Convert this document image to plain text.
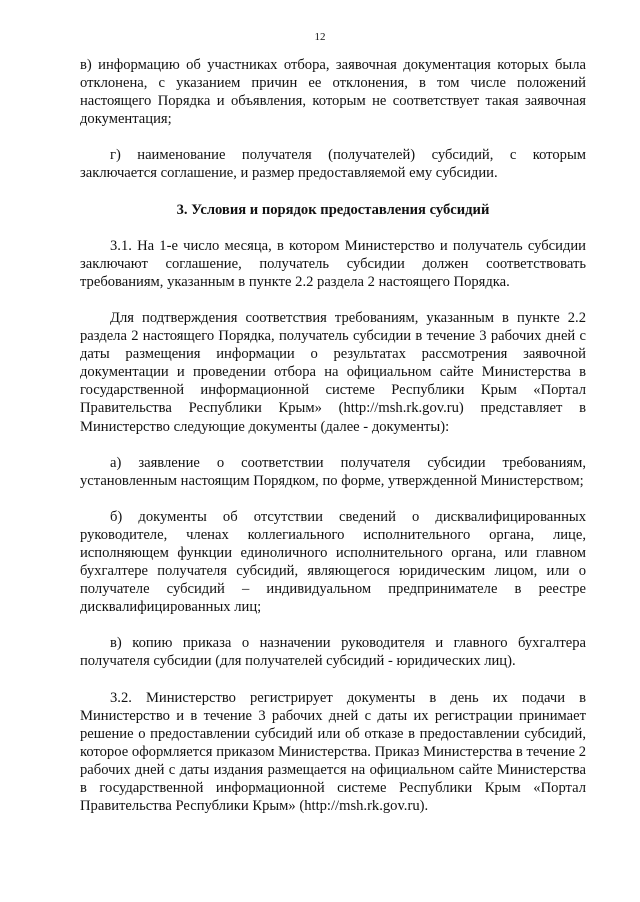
12

в) информацию об участниках отбора, заявочная документация которых была отклонена, с указанием причин ее отклонения, в том числе положений настоящего Порядка и объявления, которым не соответствует такая заявочная документация;

г) наименование получателя (получателей) субсидий, с которым заключается соглашение, и размер предоставляемой ему субсидии.

3. Условия и порядок предоставления субсидий

3.1. На 1-е число месяца, в котором Министерство и получатель субсидии заключают соглашение, получатель субсидии должен соответствовать требованиям, указанным в пункте 2.2 раздела 2 настоящего Порядка.

Для подтверждения соответствия требованиям, указанным в пункте 2.2 раздела 2 настоящего Порядка, получатель субсидии в течение 3 рабочих дней с даты размещения информации о результатах рассмотрения заявочной документации и проведении отбора на официальном сайте Министерства в государственной информационной системе Республики Крым «Портал Правительства Республики Крым» (http://msh.rk.gov.ru) представляет в Министерство следующие документы (далее - документы):

а) заявление о соответствии получателя субсидии требованиям, установленным настоящим Порядком, по форме, утвержденной Министерством;

б) документы об отсутствии сведений о дисквалифицированных руководителе, членах коллегиального исполнительного органа, лице, исполняющем функции единоличного исполнительного органа, или главном бухгалтере получателя субсидий, являющегося юридическим лицом, или о получателе субсидий – индивидуальном предпринимателе в реестре дисквалифицированных лиц;

в) копию приказа о назначении руководителя и главного бухгалтера получателя субсидии (для получателей субсидий - юридических лиц).

3.2. Министерство регистрирует документы в день их подачи в Министерство и в течение 3 рабочих дней с даты их регистрации принимает решение о предоставлении субсидий или об отказе в предоставлении субсидий, которое оформляется приказом Министерства. Приказ Министерства в течение 2 рабочих дней с даты издания размещается на официальном сайте Министерства в государственной информационной системе Республики Крым «Портал Правительства Республики Крым» (http://msh.rk.gov.ru).
